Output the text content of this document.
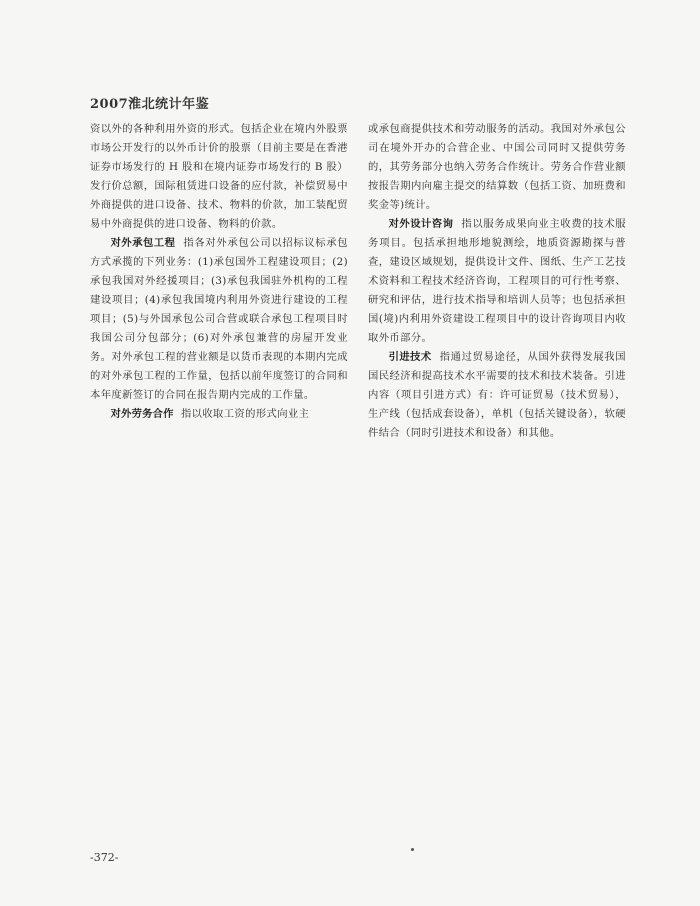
2007淮北统计年鉴

资以外的各种利用外资的形式。包括企业在境内外股票市场公开发行的以外币计价的股票（目前主要是在香港证券市场发行的 H 股和在境内证券市场发行的 B 股）发行价总额，国际租赁进口设备的应付款，补偿贸易中外商提供的进口设备、技术、物料的价款，加工装配贸易中外商提供的进口设备、物料的价款。

对外承包工程 指各对外承包公司以招标议标承包方式承揽的下列业务：(1)承包国外工程建设项目；(2)承包我国对外经援项目；(3)承包我国驻外机构的工程建设项目；(4)承包我国境内利用外资进行建设的工程项目；(5)与外国承包公司合营或联合承包工程项目时我国公司分包部分；(6)对外承包兼营的房屋开发业务。对外承包工程的营业额是以货币表现的本期内完成的对外承包工程的工作量，包括以前年度签订的合同和本年度新签订的合同在报告期内完成的工作量。

对外劳务合作 指以收取工资的形式向业主

或承包商提供技术和劳动服务的活动。我国对外承包公司在境外开办的合营企业、中国公司同时又提供劳务的，其劳务部分也纳入劳务合作统计。劳务合作营业额按报告期内向雇主提交的结算数（包括工资、加班费和奖金等)统计。

对外设计咨询 指以服务成果向业主收费的技术服务项目。包括承担地形地貌测绘，地质资源勘探与普查，建设区域规划，提供设计文件、图纸、生产工艺技术资料和工程技术经济咨询，工程项目的可行性考察、研究和评估，进行技术指导和培训人员等；也包括承担国(境)内利用外资建设工程项目中的设计咨询项目内收取外币部分。

引进技术 指通过贸易途径，从国外获得发展我国国民经济和提高技术水平需要的技术和技术装备。引进内容（项目引进方式）有：许可证贸易（技术贸易），生产线（包括成套设备），单机（包括关键设备），软硬件结合（同时引进技术和设备）和其他。

-372-
